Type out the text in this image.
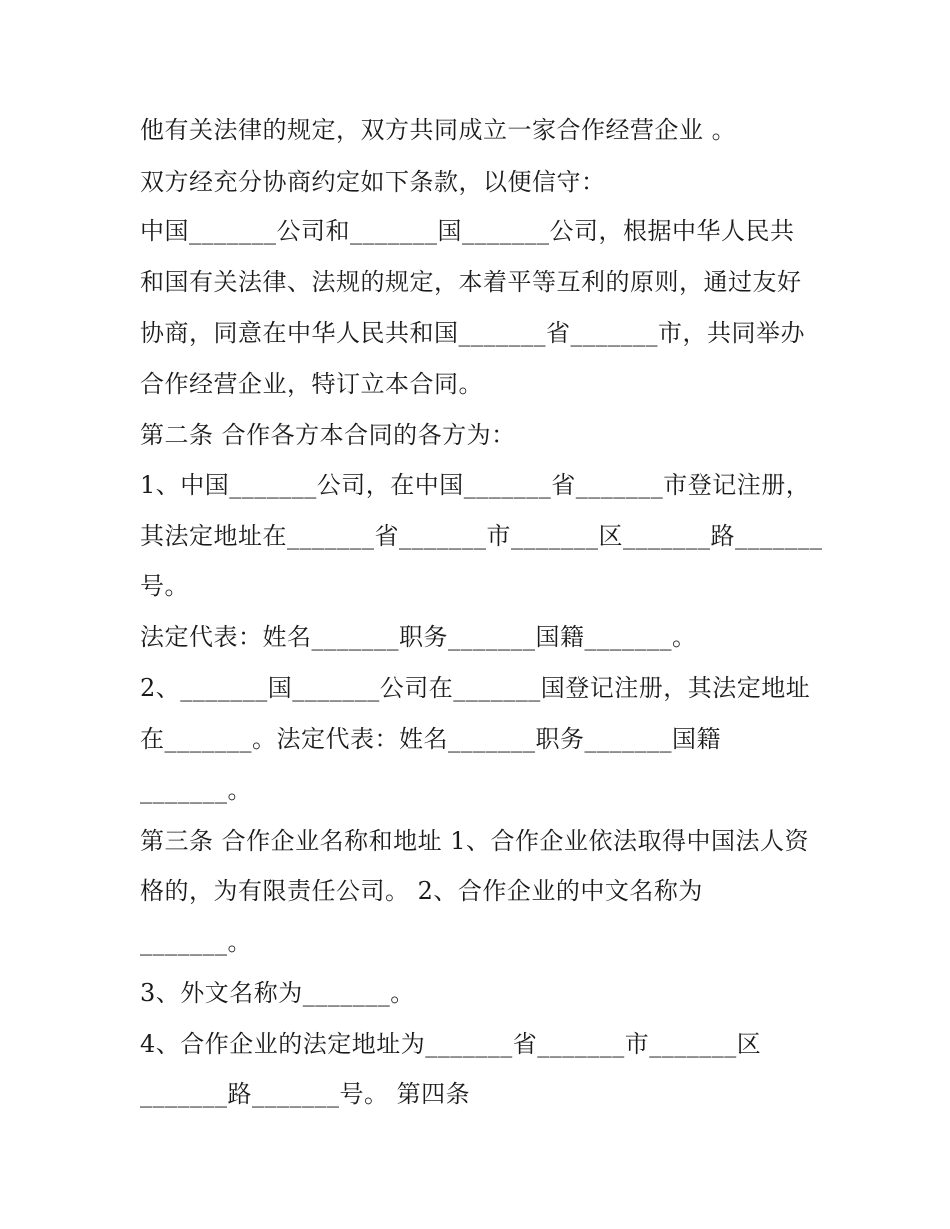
他有关法律的规定，双方共同成立一家合作经营企业 。
双方经充分协商约定如下条款，以便信守：
中国_______公司和_______国_______公司，根据中华人民共
和国有关法律、法规的规定，本着平等互利的原则，通过友好
协商，同意在中华人民共和国_______省_______市，共同举办
合作经营企业，特订立本合同。
第二条 合作各方本合同的各方为：
1、中国_______公司，在中国_______省_______市登记注册，
其法定地址在_______省_______市_______区_______路_______
号。
法定代表：姓名_______职务_______国籍_______。
2、_______国_______公司在_______国登记注册，其法定地址
在_______。法定代表：姓名_______职务_______国籍
_______。
第三条 合作企业名称和地址 1、合作企业依法取得中国法人资
格的，为有限责任公司。 2、合作企业的中文名称为
_______。
3、外文名称为_______。
4、合作企业的法定地址为_______省_______市_______区
_______路_______号。 第四条
